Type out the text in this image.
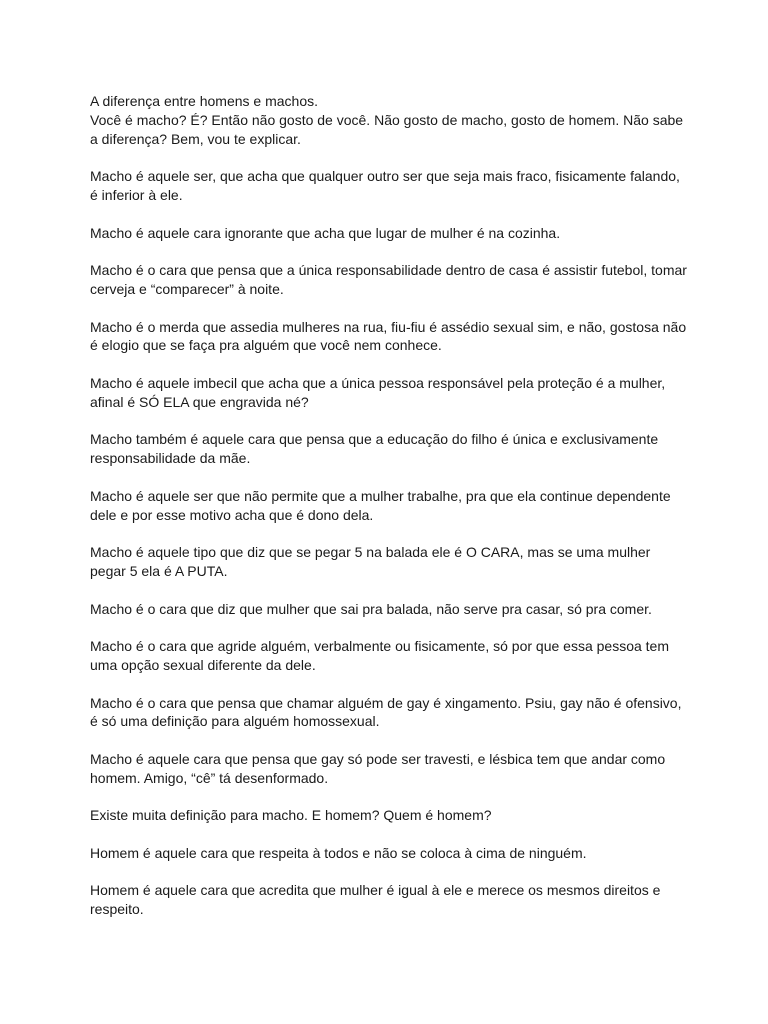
A diferença entre homens e machos.
Você é macho? É? Então não gosto de você. Não gosto de macho, gosto de homem. Não sabe a diferença? Bem, vou te explicar.

Macho é aquele ser, que acha que qualquer outro ser que seja mais fraco, fisicamente falando, é inferior à ele.

Macho é aquele cara ignorante que acha que lugar de mulher é na cozinha.

Macho é o cara que pensa que a única responsabilidade dentro de casa é assistir futebol, tomar cerveja e “comparecer” à noite.

Macho é o merda que assedia mulheres na rua, fiu-fiu é assédio sexual sim, e não, gostosa não é elogio que se faça pra alguém que você nem conhece.

Macho é aquele imbecil que acha que a única pessoa responsável pela proteção é a mulher, afinal é SÓ ELA que engravida né?

Macho também é aquele cara que pensa que a educação do filho é única e exclusivamente responsabilidade da mãe.

Macho é aquele ser que não permite que a mulher trabalhe, pra que ela continue dependente dele e por esse motivo acha que é dono dela.

Macho é aquele tipo que diz que se pegar 5 na balada ele é O CARA, mas se uma mulher pegar 5 ela é A PUTA.

Macho é o cara que diz que mulher que sai pra balada, não serve pra casar, só pra comer.

Macho é o cara que agride alguém, verbalmente ou fisicamente, só por que essa pessoa tem uma opção sexual diferente da dele.

Macho é o cara que pensa que chamar alguém de gay é xingamento. Psiu, gay não é ofensivo, é só uma definição para alguém homossexual.

Macho é aquele cara que pensa que gay só pode ser travesti, e lésbica tem que andar como homem. Amigo, “cê” tá desenformado.

Existe muita definição para macho. E homem? Quem é homem?

Homem é aquele cara que respeita à todos e não se coloca à cima de ninguém.

Homem é aquele cara que acredita que mulher é igual à ele e merece os mesmos direitos e respeito.
